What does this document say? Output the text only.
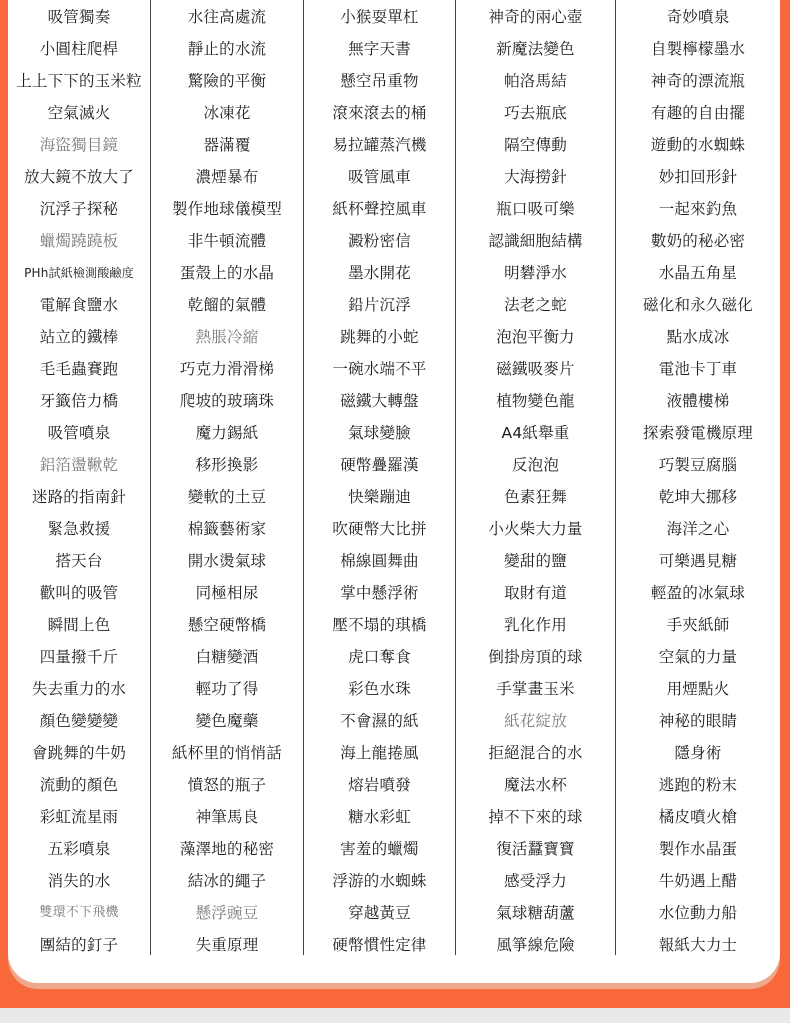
吸管獨奏
小圓柱爬桿
上上下下的玉米粒
空氣滅火
海盜獨目鏡
放大鏡不放大了
沉浮子探秘
蠟燭蹺蹺板
PHh試紙檢測酸鹼度
電解食鹽水
站立的鐵棒
毛毛蟲賽跑
牙籤倍力橋
吸管噴泉
鋁箔盪鞦乾
迷路的指南針
緊急救援
搭天台
歡叫的吸管
瞬間上色
四量撥千斤
失去重力的水
顏色變變變
會跳舞的牛奶
流動的顏色
彩虹流星雨
五彩噴泉
消失的水
雙環不下飛機
團結的釘子
水往高處流
靜止的水流
驚險的平衡
冰凍花
器滿覆
濃煙暴布
製作地球儀模型
非牛頓流體
蛋殼上的水晶
乾餾的氣體
熱脹冷縮
巧克力滑滑梯
爬坡的玻璃珠
魔力錫紙
移形換影
變軟的土豆
棉籤藝術家
開水燙氣球
同極相尿
懸空硬幣橋
白糖變酒
輕功了得
變色魔藥
紙杯里的悄悄話
憤怒的瓶子
神筆馬良
藻澤地的秘密
結冰的繩子
懸浮豌豆
失重原理
小猴耍單杠
無字天書
懸空吊重物
滾來滾去的桶
易拉罐蒸汽機
吸管風車
紙杯聲控風車
澱粉密信
墨水開花
鉛片沉浮
跳舞的小蛇
一碗水端不平
磁鐵大轉盤
氣球變臉
硬幣疊羅漢
快樂蹦迪
吹硬幣大比拼
棉線圓舞曲
掌中懸浮術
壓不塌的琪橋
虎口奪食
彩色水珠
不會濕的紙
海上龍捲風
熔岩噴發
糖水彩虹
害羞的蠟燭
浮游的水蜘蛛
穿越黃豆
硬幣慣性定律
神奇的兩心壺
新魔法變色
帕洛馬結
巧去瓶底
隔空傳動
大海撈針
瓶口吸可樂
認識細胞結構
明礬淨水
法老之蛇
泡泡平衡力
磁鐵吸麥片
植物變色龍
A4紙舉重
反泡泡
色素狂舞
小火柴大力量
變甜的鹽
取財有道
乳化作用
倒掛房頂的球
手掌畫玉米
紙花綻放
拒絕混合的水
魔法水杯
掉不下來的球
復活蠶寶寶
感受浮力
氣球糖葫蘆
風箏線危險
奇妙噴泉
自製檸檬墨水
神奇的漂流瓶
有趣的自由擺
遊動的水蜘蛛
妙扣回形針
一起來釣魚
數奶的秘必密
水晶五角星
磁化和永久磁化
點水成冰
電池卡丁車
液體樓梯
探索發電機原理
巧製豆腐腦
乾坤大挪移
海洋之心
可樂遇見糖
輕盈的冰氣球
手夾紙師
空氣的力量
用煙點火
神秘的眼睛
隱身術
逃跑的粉末
橘皮噴火槍
製作水晶蛋
牛奶遇上醋
水位動力船
報紙大力士
